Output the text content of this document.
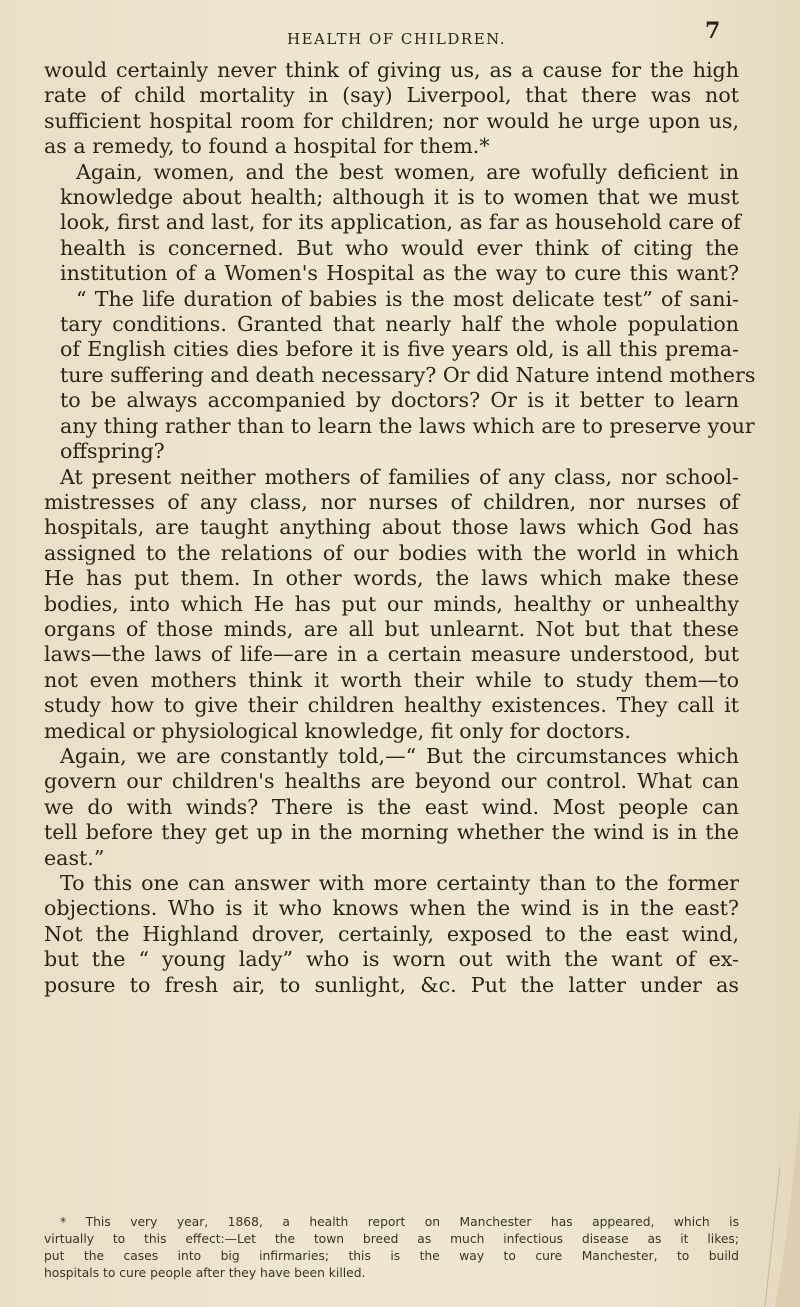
HEALTH OF CHILDREN.	7

would certainly never think of giving us, as a cause for the high
rate of child mortality in (say) Liverpool, that there was not
sufficient hospital room for children; nor would he urge upon us,
as a remedy, to found a hospital for them.*

Again, women, and the best women, are wofully deficient in
knowledge about health; although it is to women that we must
look, first and last, for its application, as far as household care of
health is concerned. But who would ever think of citing the
institution of a Women's Hospital as the way to cure this want?
“ The life duration of babies is the most delicate test” of sani-
tary conditions. Granted that nearly half the whole population
of English cities dies before it is five years old, is all this prema-
ture suffering and death necessary? Or did Nature intend mothers
to be always accompanied by doctors? Or is it better to learn
any thing rather than to learn the laws which are to preserve your
offspring?

At present neither mothers of families of any class, nor school-
mistresses of any class, nor nurses of children, nor nurses of
hospitals, are taught anything about those laws which God has
assigned to the relations of our bodies with the world in which
He has put them. In other words, the laws which make these
bodies, into which He has put our minds, healthy or unhealthy
organs of those minds, are all but unlearnt. Not but that these
laws—the laws of life—are in a certain measure understood, but
not even mothers think it worth their while to study them—to
study how to give their children healthy existences. They call it
medical or physiological knowledge, fit only for doctors.

Again, we are constantly told,—“ But the circumstances which
govern our children's healths are beyond our control. What can
we do with winds? There is the east wind. Most people can
tell before they get up in the morning whether the wind is in the
east.”

To this one can answer with more certainty than to the former
objections. Who is it who knows when the wind is in the east?
Not the Highland drover, certainly, exposed to the east wind,
but the “ young lady” who is worn out with the want of ex-
posure to fresh air, to sunlight, &c. Put the latter under as

* This very year, 1868, a health report on Manchester has appeared, which is
virtually to this effect:—Let the town breed as much infectious disease as it likes;
put the cases into big infirmaries; this is the way to cure Manchester, to build
hospitals to cure people after they have been killed.
